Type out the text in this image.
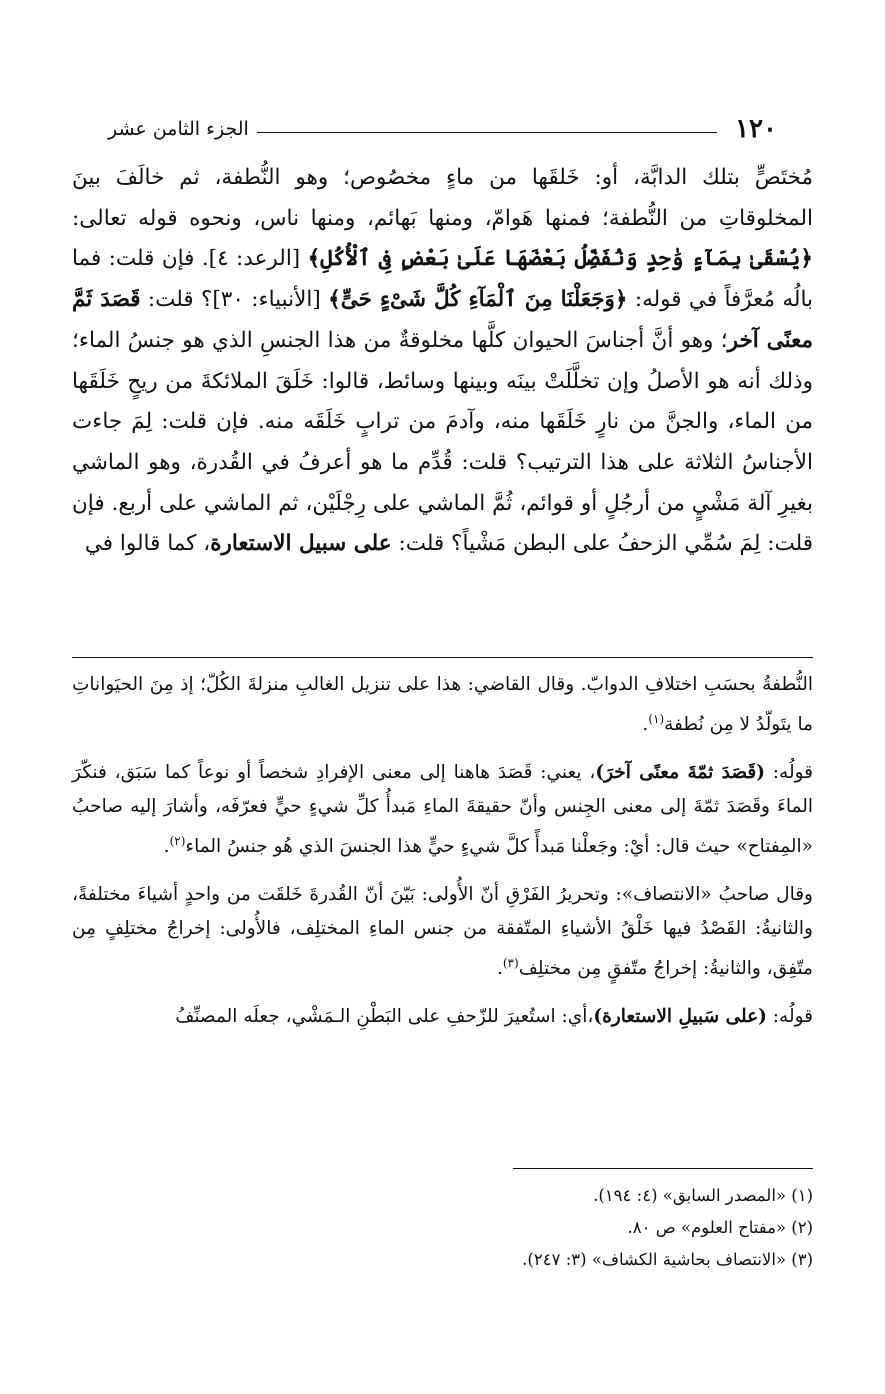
١٢٠
الجزء الثامن عشر

مُختَصٍّ بتلك الدابَّة، أو: خَلقَها من ماءٍ مخصُوص؛ وهو النُّطفة، ثم خالَفَ بينَ المخلوقاتِ من النُّطفة؛ فمنها هَوامّ، ومنها بَهائم، ومنها ناس، ونحوه قوله تعالى: ﴿يُسْقَىٰ بِمَآءٍ وَٰحِدٍ وَنُفَضِّلُ بَعْضَهَا عَلَىٰ بَعْضٍ فِى ٱلْأُكُلِ﴾ [الرعد: ٤]. فإن قلت: فما بالُه مُعرَّفاً في قوله: ﴿وَجَعَلْنَا مِنَ ٱلْمَآءِ كُلَّ شَىْءٍ حَىٍّ﴾ [الأنبياء: ٣٠]؟ قلت: قَصَدَ ثَمَّ معنًى آخر؛ وهو أنَّ أجناسَ الحيوان كلَّها مخلوقةٌ من هذا الجنسِ الذي هو جنسُ الماء؛ وذلك أنه هو الأصلُ وإن تخلَّلَتْ بينَه وبينها وسائط، قالوا: خَلَقَ الملائكةَ من ريحٍ خَلَقَها من الماء، والجنَّ من نارٍ خَلَقَها منه، وآدمَ من ترابٍ خَلَقَه منه. فإن قلت: لِمَ جاءت الأجناسُ الثلاثة على هذا الترتيب؟ قلت: قُدِّم ما هو أعرفُ في القُدرة، وهو الماشي بغيرِ آلة مَشْيٍ من أرجُلٍ أو قوائم، ثُمَّ الماشي على رِجْلَيْن، ثم الماشي على أربع. فإن قلت: لِمَ سُمِّي الزحفُ على البطن مَشْياً؟ قلت: على سبيل الاستعارة، كما قالوا في

النُّطفةُ بحسَبِ اختلافِ الدوابّ. وقال القاضي: هذا على تنزيل الغالبِ منزلةَ الكُلّ؛ إذ مِنَ الحيَواناتِ ما يتَولّدُ لا مِن نُطفة$^{(١)}$.

قولُه: (قَصَدَ ثمّةَ معنًى آخرَ)، يعني: قَصَدَ هاهنا إلى معنى الإفرادِ شخصاً أو نوعاً كما سَبَق، فنكّرَ الماءَ وقَصَدَ ثمّةَ إلى معنى الجِنس وأنّ حقيقةَ الماءِ مَبدأُ كلِّ شيءٍ حيٍّ فعرّفَه، وأشارَ إليه صاحبُ «المِفتاح» حيث قال: أيْ: وجَعلْنا مَبدأً كلَّ شيءٍ حيٍّ هذا الجنسَ الذي هُو جنسُ الماء$^{(٢)}$.

وقال صاحبُ «الانتصاف»: وتحريرُ الفَرْقِ أنّ الأُولى: بَيّنَ أنّ القُدرةَ خَلقَت من واحدٍ أشياءَ مختلفةً، والثانيةُ: القَصْدُ فيها خَلْقُ الأشياءِ المتّفقة من جنس الماءِ المختلِف، فالأُولى: إخراجُ مختلِفٍ مِن متّفِق، والثانيةُ: إخراجُ متّفقٍ مِن مختلِف$^{(٣)}$.

قولُه: (على سَبيلِ الاستعارة)،أي: استُعيرَ للزّحفِ على البَطْنِ الـمَشْي، جعلَه المصنِّفُ

(١) «المصدر السابق» (٤: ١٩٤).
(٢) «مفتاح العلوم» ص ٨٠.
(٣) «الانتصاف بحاشية الكشاف» (٣: ٢٤٧).
